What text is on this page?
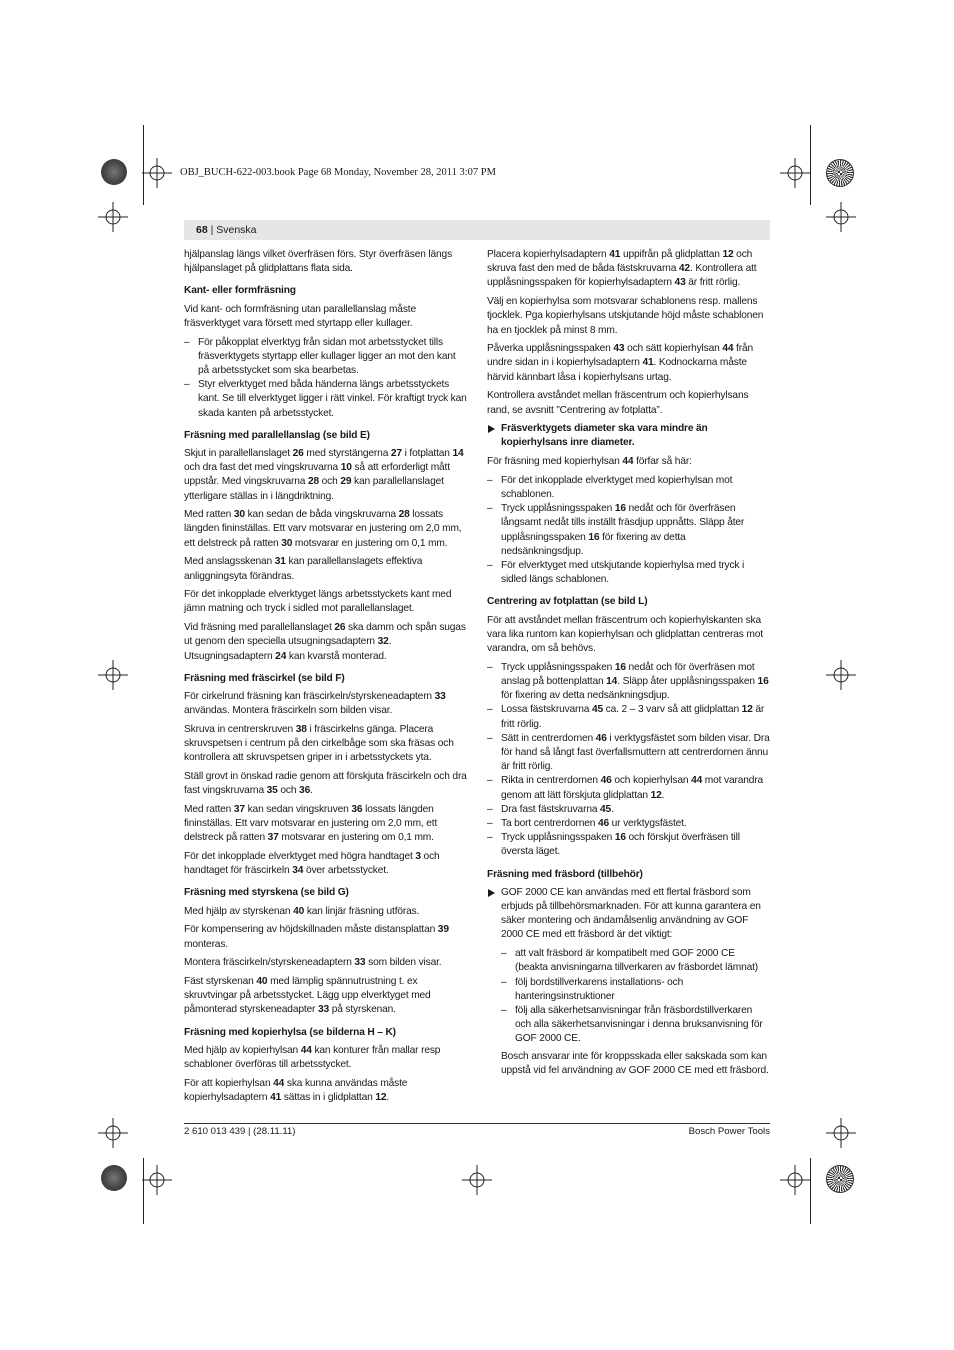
OBJ_BUCH-622-003.book Page 68 Monday, November 28, 2011 3:07 PM
68 | Svenska

hjälpanslag längs vilket överfräsen förs. Styr överfräsen längs hjälpanslaget på glidplattans flata sida.

Kant- eller formfräsning

Vid kant- och formfräsning utan parallellanslag måste fräsverktyget vara försett med styrtapp eller kullager.

– För påkopplat elverktyg från sidan mot arbetsstycket tills fräsverktygets styrtapp eller kullager ligger an mot den kant på arbetsstycket som ska bearbetas.
– Styr elverktyget med båda händerna längs arbetsstyckets kant. Se till elverktyget ligger i rätt vinkel. För kraftigt tryck kan skada kanten på arbetsstycket.
Fräsning med parallellanslag (se bild E)

Skjut in parallellanslaget 26 med styrstängerna 27 i fotplattan 14 och dra fast det med vingskruvarna 10 så att erforderligt mått uppstår. Med vingskruvarna 28 och 29 kan parallellanslaget ytterligare ställas in i längdriktning.

Med ratten 30 kan sedan de båda vingskruvarna 28 lossats längden fininställas. Ett varv motsvarar en justering om 2,0 mm, ett delstreck på ratten 30 motsvarar en justering om 0,1 mm.

Med anslagsskenan 31 kan parallellanslagets effektiva anliggningsyta förändras.

För det inkopplade elverktyget längs arbetsstyckets kant med jämn matning och tryck i sidled mot parallellanslaget.

Vid fräsning med parallellanslaget 26 ska damm och spån sugas ut genom den speciella utsugningsadaptern 32. Utsugningsadaptern 24 kan kvarstå monterad.

Fräsning med fräscirkel (se bild F)

För cirkelrund fräsning kan fräscirkeln/styrskeneadaptern 33 användas. Montera fräscirkeln som bilden visar.

Skruva in centrerskruven 38 i fräscirkelns gänga. Placera skruvspetsen i centrum på den cirkelbåge som ska fräsas och kontrollera att skruvspetsen griper in i arbetsstyckets yta.

Ställ grovt in önskad radie genom att förskjuta fräscirkeln och dra fast vingskruvarna 35 och 36.

Med ratten 37 kan sedan vingskruven 36 lossats längden fininställas. Ett varv motsvarar en justering om 2,0 mm, ett delstreck på ratten 37 motsvarar en justering om 0,1 mm.

För det inkopplade elverktyget med högra handtaget 3 och handtaget för fräscirkeln 34 över arbetsstycket.

Fräsning med styrskena (se bild G)

Med hjälp av styrskenan 40 kan linjär fräsning utföras.

För kompensering av höjdskillnaden måste distansplattan 39 monteras.

Montera fräscirkeln/styrskeneadaptern 33 som bilden visar.

Fäst styrskenan 40 med lämplig spännutrustning t. ex skruvtvingar på arbetsstycket. Lägg upp elverktyget med påmonterad styrskeneadapter 33 på styrskenan.

Fräsning med kopierhylsa (se bilderna H – K)

Med hjälp av kopierhylsan 44 kan konturer från mallar resp schabloner överföras till arbetsstycket.

För att kopierhylsan 44 ska kunna användas måste kopierhylsadaptern 41 sättas in i glidplattan 12.

Placera kopierhylsadaptern 41 uppifrån på glidplattan 12 och skruva fast den med de båda fästskruvarna 42. Kontrollera att upplåsningsspaken för kopierhylsadaptern 43 är fritt rörlig.

Välj en kopierhylsa som motsvarar schablonens resp. mallens tjocklek. Pga kopierhylsans utskjutande höjd måste schablonen ha en tjocklek på minst 8 mm.

Påverka upplåsningsspaken 43 och sätt kopierhylsan 44 från undre sidan in i kopierhylsadaptern 41. Kodnockarna måste härvid kännbart låsa i kopierhylsans urtag.

Kontrollera avståndet mellan fräscentrum och kopierhylsans rand, se avsnitt ”Centrering av fotplatta”.

Fräsverktygets diameter ska vara mindre än kopierhylsans inre diameter.

För fräsning med kopierhylsan 44 förfar så här:

– För det inkopplade elverktyget med kopierhylsan mot schablonen.
– Tryck upplåsningsspaken 16 nedåt och för överfräsen långsamt nedåt tills inställt fräsdjup uppnåtts. Släpp åter upplåsningsspaken 16 för fixering av detta nedsänkningsdjup.
– För elverktyget med utskjutande kopierhylsa med tryck i sidled längs schablonen.
Centrering av fotplattan (se bild L)

För att avståndet mellan fräscentrum och kopierhylskanten ska vara lika runtom kan kopierhylsan och glidplattan centreras mot varandra, om så behövs.

– Tryck upplåsningsspaken 16 nedåt och för överfräsen mot anslag på bottenplattan 14. Släpp åter upplåsningsspaken 16 för fixering av detta nedsänkningsdjup.
– Lossa fästskruvarna 45 ca. 2 – 3 varv så att glidplattan 12 är fritt rörlig.
– Sätt in centrerdornen 46 i verktygsfästet som bilden visar. Dra för hand så långt fast överfallsmuttern att centrerdornen ännu är fritt rörlig.
– Rikta in centrerdornen 46 och kopierhylsan 44 mot varandra genom att lätt förskjuta glidplattan 12.
– Dra fast fästskruvarna 45.
– Ta bort centrerdornen 46 ur verktygsfästet.
– Tryck upplåsningsspaken 16 och förskjut överfräsen till översta läget.
Fräsning med fräsbord (tillbehör)

GOF 2000 CE kan användas med ett flertal fräsbord som erbjuds på tillbehörsmarknaden. För att kunna garantera en säker montering och ändamålsenlig användning av GOF 2000 CE med ett fräsbord är det viktigt:

– att valt fräsbord är kompatibelt med GOF 2000 CE (beakta anvisningarna tillverkaren av fräsbordet lämnat)
– följ bordstillverkarens installations- och hanteringsinstruktioner
– följ alla säkerhetsanvisningar från fräsbordstillverkaren och alla säkerhetsanvisningar i denna bruksanvisning för GOF 2000 CE.

Bosch ansvarar inte för kroppsskada eller sakskada som kan uppstå vid fel användning av GOF 2000 CE med ett fräsbord.

2 610 013 439 | (28.11.11)	Bosch Power Tools
